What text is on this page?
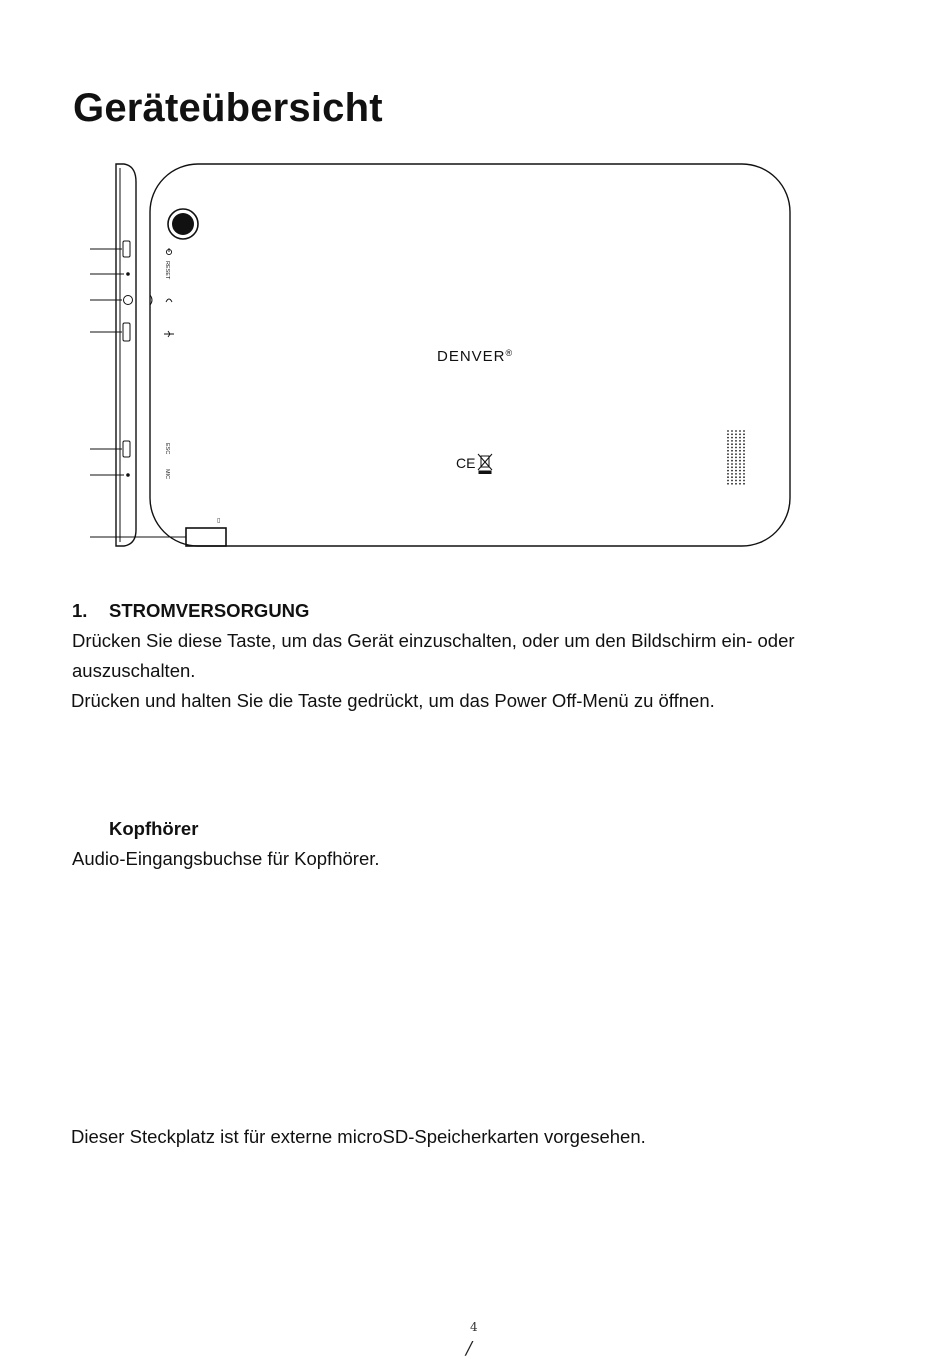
Geräteübersicht
RESET
ESC
MIC
DENVER®
CE
▯
1. STROMVERSORGUNG
Drücken Sie diese Taste, um das Gerät einzuschalten, oder um den Bildschirm ein- oder
auszuschalten.
Drücken und halten Sie die Taste gedrückt, um das Power Off-Menü zu öffnen.
Kopfhörer
Audio-Eingangsbuchse für Kopfhörer.
Dieser Steckplatz ist für externe microSD-Speicherkarten vorgesehen.
4
/
